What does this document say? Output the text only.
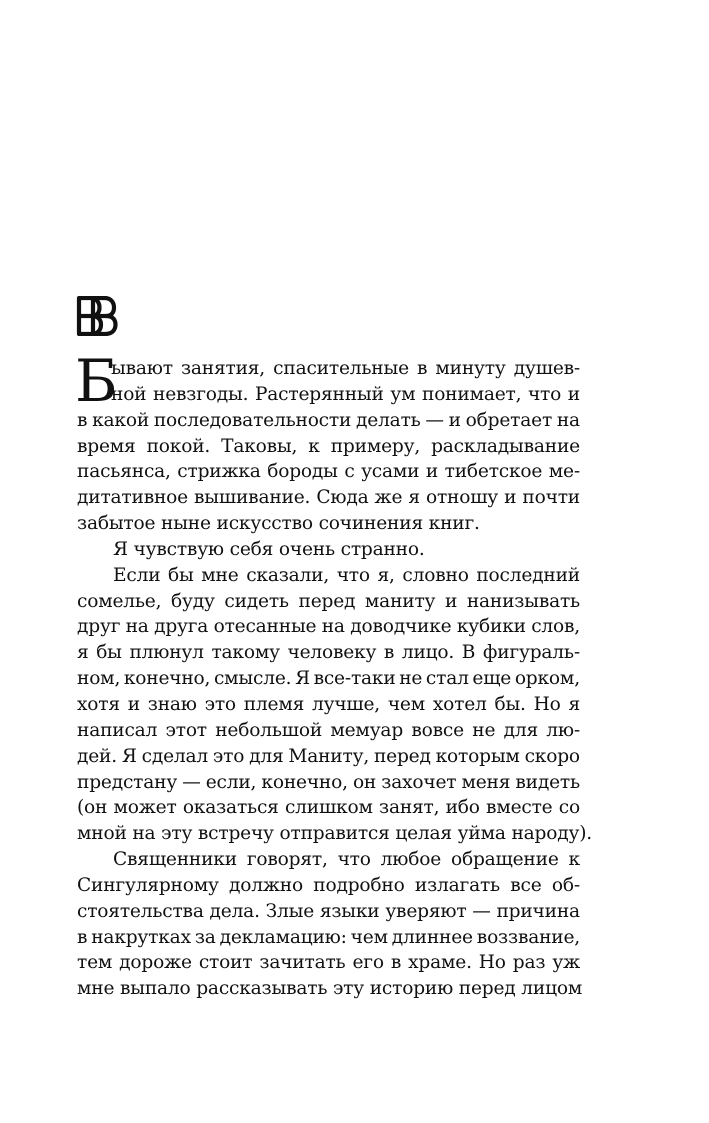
Б
ывают занятия, спасительные в минуту душев-
ной невзгоды. Растерянный ум понимает, что и
в какой последовательности делать — и обретает на
время покой. Таковы, к примеру, раскладывание
пасьянса, стрижка бороды с усами и тибетское ме-
дитативное вышивание. Сюда же я отношу и почти
забытое ныне искусство сочинения книг.
Я чувствую себя очень странно.
Если бы мне сказали, что я, словно последний
сомелье, буду сидеть перед маниту и нанизывать
друг на друга отесанные на доводчике кубики слов,
я бы плюнул такому человеку в лицо. В фигураль-
ном, конечно, смысле. Я все-таки не стал еще орком,
хотя и знаю это племя лучше, чем хотел бы. Но я
написал этот небольшой мемуар вовсе не для лю-
дей. Я сделал это для Маниту, перед которым скоро
предстану — если, конечно, он захочет меня видеть
(он может оказаться слишком занят, ибо вместе со
мной на эту встречу отправится целая уйма народу).
Священники говорят, что любое обращение к
Сингулярному должно подробно излагать все об-
стоятельства дела. Злые языки уверяют — причина
в накрутках за декламацию: чем длиннее воззвание,
тем дороже стоит зачитать его в храме. Но раз уж
мне выпало рассказывать эту историю перед лицом
